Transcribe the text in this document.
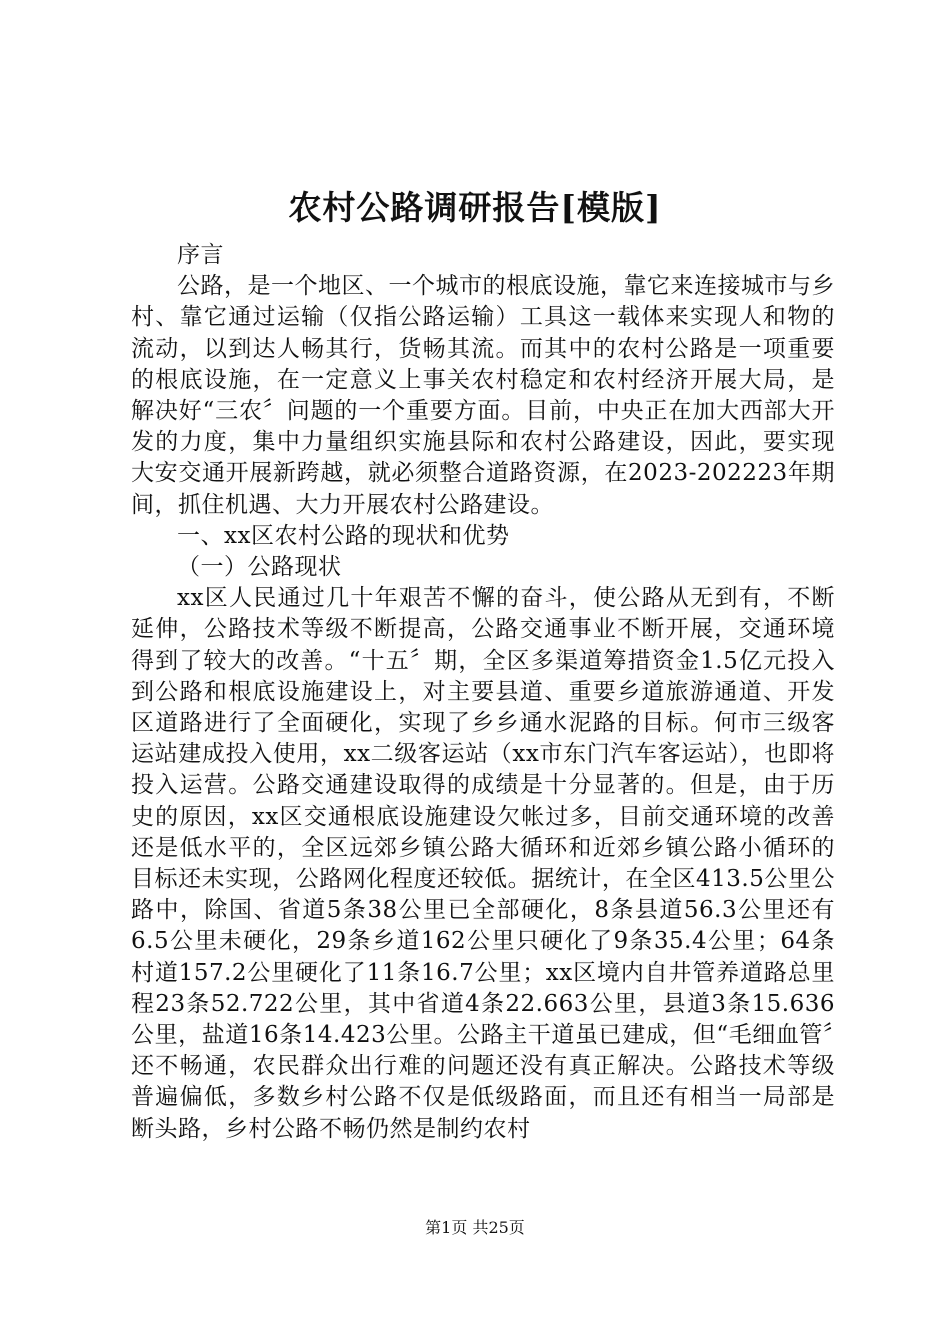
农村公路调研报告[模版]

序言

公路，是一个地区、一个城市的根底设施，靠它来连接城市与乡村、靠它通过运输（仅指公路运输）工具这一载体来实现人和物的流动，以到达人畅其行，货畅其流。而其中的农村公路是一项重要的根底设施，在一定意义上事关农村稳定和农村经济开展大局，是解决好“三农〞问题的一个重要方面。目前，中央正在加大西部大开发的力度，集中力量组织实施县际和农村公路建设，因此，要实现大安交通开展新跨越，就必须整合道路资源，在2023-202223年期间，抓住机遇、大力开展农村公路建设。

一、xx区农村公路的现状和优势

（一）公路现状

xx区人民通过几十年艰苦不懈的奋斗，使公路从无到有，不断延伸，公路技术等级不断提高，公路交通事业不断开展，交通环境得到了较大的改善。“十五〞期，全区多渠道筹措资金1.5亿元投入到公路和根底设施建设上，对主要县道、重要乡道旅游通道、开发区道路进行了全面硬化，实现了乡乡通水泥路的目标。何市三级客运站建成投入使用，xx二级客运站（xx市东门汽车客运站），也即将投入运营。公路交通建设取得的成绩是十分显著的。但是，由于历史的原因，xx区交通根底设施建设欠帐过多，目前交通环境的改善还是低水平的，全区远郊乡镇公路大循环和近郊乡镇公路小循环的目标还未实现，公路网化程度还较低。据统计，在全区413.5公里公路中，除国、省道5条38公里已全部硬化，8条县道56.3公里还有6.5公里未硬化，29条乡道162公里只硬化了9条35.4公里；64条村道157.2公里硬化了11条16.7公里；xx区境内自井管养道路总里程23条52.722公里，其中省道4条22.663公里，县道3条15.636公里，盐道16条14.423公里。公路主干道虽已建成，但“毛细血管〞还不畅通，农民群众出行难的问题还没有真正解决。公路技术等级普遍偏低，多数乡村公路不仅是低级路面，而且还有相当一局部是断头路，乡村公路不畅仍然是制约农村

第1页 共25页
